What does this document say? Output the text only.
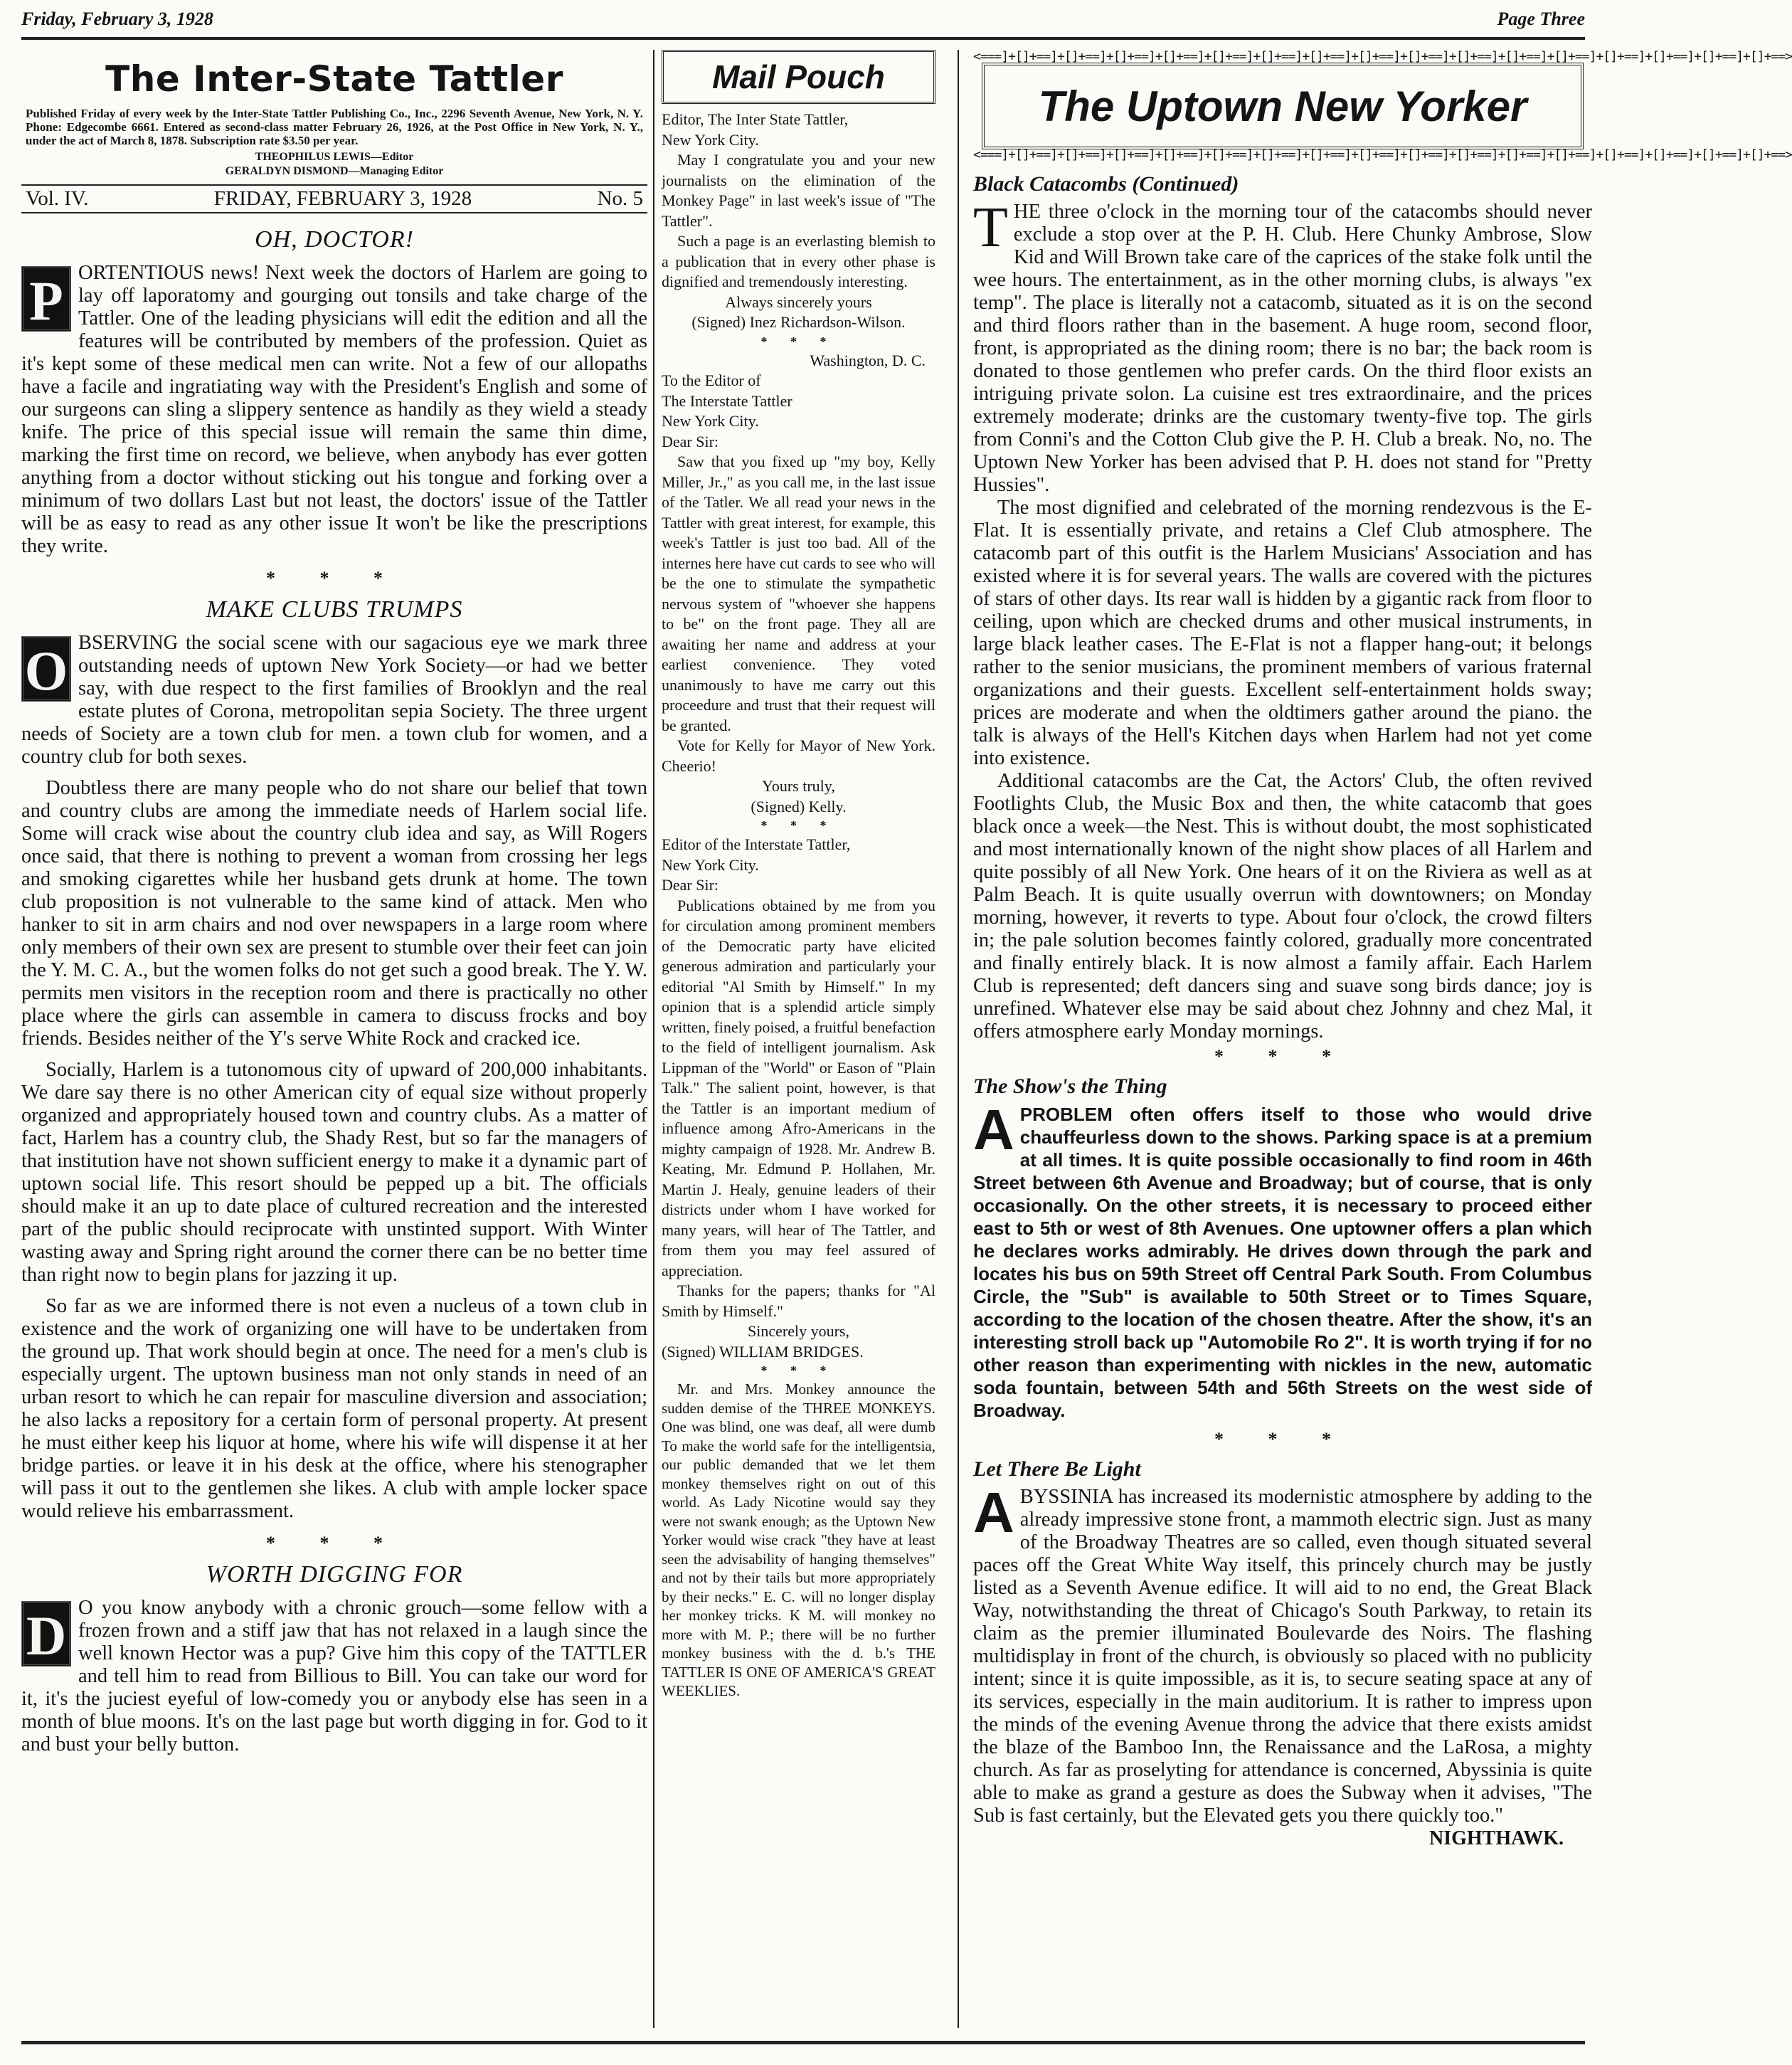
Friday, February 3, 1928	Page Three
The Inter-State Tattler
Published Friday of every week by the Inter-State Tattler Publishing Co., Inc., 2296 Seventh Avenue, New York, N. Y. Phone: Edgecombe 6661. Entered as second-class matter February 26, 1926, at the Post Office in New York, N. Y., under the act of March 8, 1878. Subscription rate $3.50 per year.
THEOPHILUS LEWIS—Editor
GERALDYN DISMOND—Managing Editor
Vol. IV.	FRIDAY, FEBRUARY 3, 1928	No. 5
OH, DOCTOR!
P ORTENTIOUS news! Next week the doctors of Harlem are going to lay off laporatomy and gourging out tonsils and take charge of the Tattler. One of the leading physicians will edit the edition and all the features will be contributed by members of the profession. Quiet as it's kept some of these medical men can write. Not a few of our allopaths have a facile and ingratiating way with the President's English and some of our surgeons can sling a slippery sentence as handily as they wield a steady knife. The price of this special issue will remain the same thin dime, marking the first time on record, we believe, when anybody has ever gotten anything from a doctor without sticking out his tongue and forking over a minimum of two dollars Last but not least, the doctors' issue of the Tattler will be as easy to read as any other issue It won't be like the prescriptions they write.

* * *
MAKE CLUBS TRUMPS
O BSERVING the social scene with our sagacious eye we mark three outstanding needs of uptown New York Society—or had we better say, with due respect to the first families of Brooklyn and the real estate plutes of Corona, metropolitan sepia Society. The three urgent needs of Society are a town club for men. a town club for women, and a country club for both sexes.

Doubtless there are many people who do not share our belief that town and country clubs are among the immediate needs of Harlem social life. Some will crack wise about the country club idea and say, as Will Rogers once said, that there is nothing to prevent a woman from crossing her legs and smoking cigarettes while her husband gets drunk at home. The town club proposition is not vulnerable to the same kind of attack. Men who hanker to sit in arm chairs and nod over newspapers in a large room where only members of their own sex are present to stumble over their feet can join the Y. M. C. A., but the women folks do not get such a good break. The Y. W. permits men visitors in the reception room and there is practically no other place where the girls can assemble in camera to discuss frocks and boy friends. Besides neither of the Y's serve White Rock and cracked ice.

Socially, Harlem is a tutonomous city of upward of 200,000 inhabitants. We dare say there is no other American city of equal size without properly organized and appropriately housed town and country clubs. As a matter of fact, Harlem has a country club, the Shady Rest, but so far the managers of that institution have not shown sufficient energy to make it a dynamic part of uptown social life. This resort should be pepped up a bit. The officials should make it an up to date place of cultured recreation and the interested part of the public should reciprocate with unstinted support. With Winter wasting away and Spring right around the corner there can be no better time than right now to begin plans for jazzing it up.

So far as we are informed there is not even a nucleus of a town club in existence and the work of organizing one will have to be undertaken from the ground up. That work should begin at once. The need for a men's club is especially urgent. The uptown business man not only stands in need of an urban resort to which he can repair for masculine diversion and association; he also lacks a repository for a certain form of personal property. At present he must either keep his liquor at home, where his wife will dispense it at her bridge parties. or leave it in his desk at the office, where his stenographer will pass it out to the gentlemen she likes. A club with ample locker space would relieve his embarrassment.

* * *
WORTH DIGGING FOR
D O you know anybody with a chronic grouch—some fellow with a frozen frown and a stiff jaw that has not relaxed in a laugh since the well known Hector was a pup? Give him this copy of the TATTLER and tell him to read from Billious to Bill. You can take our word for it, it's the juciest eyeful of low-comedy you or anybody else has seen in a month of blue moons. It's on the last page but worth digging in for. God to it and bust your belly button.

Mail Pouch

Editor, The Inter State Tattler,

New York City.

May I congratulate you and your new journalists on the elimination of the Monkey Page" in last week's issue of "The Tattler".

Such a page is an everlasting blemish to a publication that in every other phase is dignified and tremendously interesting.

Always sincerely yours

(Signed) Inez Richardson-Wilson.

* * *

Washington, D. C.

To the Editor of

The Interstate Tattler

New York City.

Dear Sir:

Saw that you fixed up "my boy, Kelly Miller, Jr.," as you call me, in the last issue of the Tatler. We all read your news in the Tattler with great interest, for example, this week's Tattler is just too bad. All of the internes here have cut cards to see who will be the one to stimulate the sympathetic nervous system of "whoever she happens to be" on the front page. They all are awaiting her name and address at your earliest convenience. They voted unanimously to have me carry out this proceedure and trust that their request will be granted.

Vote for Kelly for Mayor of New York. Cheerio!

Yours truly,

(Signed) Kelly.

* * *

Editor of the Interstate Tattler,

New York City.

Dear Sir:

Publications obtained by me from you for circulation among prominent members of the Democratic party have elicited generous admiration and particularly your editorial "Al Smith by Himself." In my opinion that is a splendid article simply written, finely poised, a fruitful benefaction to the field of intelligent journalism. Ask Lippman of the "World" or Eason of "Plain Talk." The salient point, however, is that the Tattler is an important medium of influence among Afro-Americans in the mighty campaign of 1928. Mr. Andrew B. Keating, Mr. Edmund P. Hollahen, Mr. Martin J. Healy, genuine leaders of their districts under whom I have worked for many years, will hear of The Tattler, and from them you may feel assured of appreciation.

Thanks for the papers; thanks for "Al Smith by Himself."

Sincerely yours,

(Signed) WILLIAM BRIDGES.

* * *

Mr. and Mrs. Monkey announce the sudden demise of the THREE MONKEYS. One was blind, one was deaf, all were dumb To make the world safe for the intelligentsia, our public demanded that we let them monkey themselves right on out of this world. As Lady Nicotine would say they were not swank enough; as the Uptown New Yorker would wise crack "they have at least seen the advisability of hanging themselves" and not by their tails but more appropriately by their necks." E. C. will no longer display her monkey tricks. K M. will monkey no more with M. P.; there will be no further monkey business with the d. b.'s THE TATTLER IS ONE OF AMERICA'S GREAT WEEKLIES.

<===]+[]+==]+[]+==]+[]+==]+[]+==]+[]+==]+[]+==]+[]+==]+[]+==]+[]+==]+[]+==]+[]+==]+[]+==]+[]+==]+[]+==]+[]+==]+[]+==>
The Uptown New Yorker
<===]+[]+==]+[]+==]+[]+==]+[]+==]+[]+==]+[]+==]+[]+==]+[]+==]+[]+==]+[]+==]+[]+==]+[]+==]+[]+==]+[]+==]+[]+==]+[]+==>
Black Catacombs (Continued)
T HE three o'clock in the morning tour of the catacombs should never exclude a stop over at the P. H. Club. Here Chunky Ambrose, Slow Kid and Will Brown take care of the caprices of the stake folk until the wee hours. The entertainment, as in the other morning clubs, is always "ex temp". The place is literally not a catacomb, situated as it is on the second and third floors rather than in the basement. A huge room, second floor, front, is appropriated as the dining room; there is no bar; the back room is donated to those gentlemen who prefer cards. On the third floor exists an intriguing private solon. La cuisine est tres extraordinaire, and the prices extremely moderate; drinks are the customary twenty-five top. The girls from Conni's and the Cotton Club give the P. H. Club a break. No, no. The Uptown New Yorker has been advised that P. H. does not stand for "Pretty Hussies".

The most dignified and celebrated of the morning rendezvous is the E-Flat. It is essentially private, and retains a Clef Club atmosphere. The catacomb part of this outfit is the Harlem Musicians' Association and has existed where it is for several years. The walls are covered with the pictures of stars of other days. Its rear wall is hidden by a gigantic rack from floor to ceiling, upon which are checked drums and other musical instruments, in large black leather cases. The E-Flat is not a flapper hang-out; it belongs rather to the senior musicians, the prominent members of various fraternal organizations and their guests. Excellent self-entertainment holds sway; prices are moderate and when the oldtimers gather around the piano. the talk is always of the Hell's Kitchen days when Harlem had not yet come into existence.

Additional catacombs are the Cat, the Actors' Club, the often revived Footlights Club, the Music Box and then, the white catacomb that goes black once a week—the Nest. This is without doubt, the most sophisticated and most internationally known of the night show places of all Harlem and quite possibly of all New York. One hears of it on the Riviera as well as at Palm Beach. It is quite usually overrun with downtowners; on Monday morning, however, it reverts to type. About four o'clock, the crowd filters in; the pale solution becomes faintly colored, gradually more concentrated and finally entirely black. It is now almost a family affair. Each Harlem Club is represented; deft dancers sing and suave song birds dance; joy is unrefined. Whatever else may be said about chez Johnny and chez Mal, it offers atmosphere early Monday mornings.

* * *
The Show's the Thing
A PROBLEM often offers itself to those who would drive chauffeurless down to the shows. Parking space is at a premium at all times. It is quite possible occasionally to find room in 46th Street between 6th Avenue and Broadway; but of course, that is only occasionally. On the other streets, it is necessary to proceed either east to 5th or west of 8th Avenues. One uptowner offers a plan which he declares works admirably. He drives down through the park and locates his bus on 59th Street off Central Park South. From Columbus Circle, the "Sub" is available to 50th Street or to Times Square, according to the location of the chosen theatre. After the show, it's an interesting stroll back up "Automobile Ro 2". It is worth trying if for no other reason than experimenting with nickles in the new, automatic soda fountain, between 54th and 56th Streets on the west side of Broadway.

* * *
Let There Be Light
A BYSSINIA has increased its modernistic atmosphere by adding to the already impressive stone front, a mammoth electric sign. Just as many of the Broadway Theatres are so called, even though situated several paces off the Great White Way itself, this princely church may be justly listed as a Seventh Avenue edifice. It will aid to no end, the Great Black Way, notwithstanding the threat of Chicago's South Parkway, to retain its claim as the premier illuminated Boulevarde des Noirs. The flashing multidisplay in front of the church, is obviously so placed with no publicity intent; since it is quite impossible, as it is, to secure seating space at any of its services, especially in the main auditorium. It is rather to impress upon the minds of the evening Avenue throng the advice that there exists amidst the blaze of the Bamboo Inn, the Renaissance and the LaRosa, a mighty church. As far as proselyting for attendance is concerned, Abyssinia is quite able to make as grand a gesture as does the Subway when it advises, "The Sub is fast certainly, but the Elevated gets you there quickly too."

NIGHTHAWK.
